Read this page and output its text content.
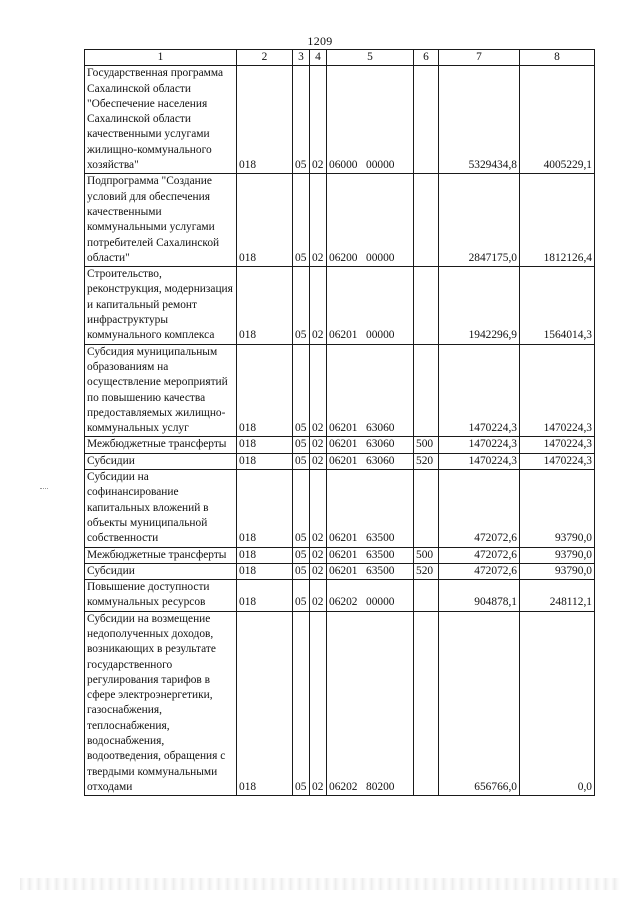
1209
1	2	3	4	5	6	7	8
Государственная программа Сахалинской области "Обеспечение населения Сахалинской области качественными услугами жилищно-коммунального хозяйства"	018	05	02	06000 00000		5329434,8	4005229,1
Подпрограмма "Создание условий для обеспечения качественными коммунальными услугами потребителей Сахалинской области"	018	05	02	06200 00000		2847175,0	1812126,4
Строительство, реконструкция, модернизация и капитальный ремонт инфраструктуры коммунального комплекса	018	05	02	06201 00000		1942296,9	1564014,3
Субсидия муниципальным образованиям на осуществление мероприятий по повышению качества предоставляемых жилищно-коммунальных услуг	018	05	02	06201 63060		1470224,3	1470224,3
Межбюджетные трансферты	018	05	02	06201 63060	500	1470224,3	1470224,3
Субсидии	018	05	02	06201 63060	520	1470224,3	1470224,3
Субсидии на софинансирование капитальных вложений в объекты муниципальной собственности	018	05	02	06201 63500		472072,6	93790,0
Межбюджетные трансферты	018	05	02	06201 63500	500	472072,6	93790,0
Субсидии	018	05	02	06201 63500	520	472072,6	93790,0
Повышение доступности коммунальных ресурсов	018	05	02	06202 00000		904878,1	248112,1
Субсидии на возмещение недополученных доходов, возникающих в результате государственного регулирования тарифов в сфере электроэнергетики, газоснабжения, теплоснабжения, водоснабжения, водоотведения, обращения с твердыми коммунальными отходами	018	05	02	06202 80200		656766,0	0,0
